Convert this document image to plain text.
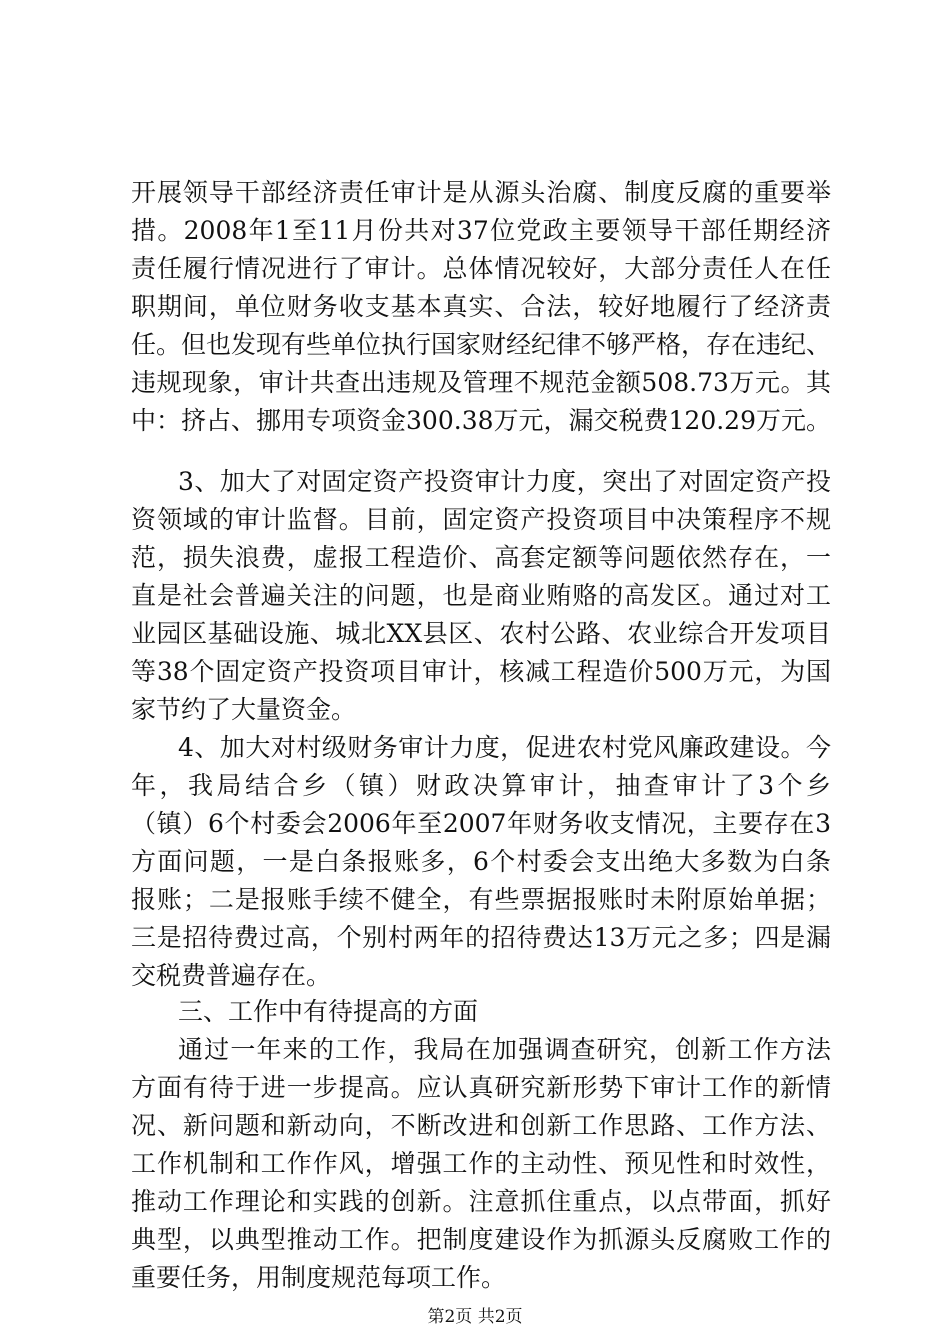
开展领导干部经济责任审计是从源头治腐、制度反腐的重要举
措。2008年1至11月份共对37位党政主要领导干部任期经济
责任履行情况进行了审计。总体情况较好，大部分责任人在任
职期间，单位财务收支基本真实、合法，较好地履行了经济责
任。但也发现有些单位执行国家财经纪律不够严格，存在违纪、
违规现象，审计共查出违规及管理不规范金额508.73万元。其
中：挤占、挪用专项资金300.38万元，漏交税费120.29万元。
3、加大了对固定资产投资审计力度，突出了对固定资产投
资领域的审计监督。目前，固定资产投资项目中决策程序不规
范，损失浪费，虚报工程造价、高套定额等问题依然存在，一
直是社会普遍关注的问题，也是商业贿赂的高发区。通过对工
业园区基础设施、城北XX县区、农村公路、农业综合开发项目
等38个固定资产投资项目审计，核减工程造价500万元，为国
家节约了大量资金。
4、加大对村级财务审计力度，促进农村党风廉政建设。今
年，我局结合乡（镇）财政决算审计，抽查审计了3个乡
（镇）6个村委会2006年至2007年财务收支情况，主要存在3
方面问题，一是白条报账多，6个村委会支出绝大多数为白条
报账；二是报账手续不健全，有些票据报账时未附原始单据；
三是招待费过高，个别村两年的招待费达13万元之多；四是漏
交税费普遍存在。
三、工作中有待提高的方面
通过一年来的工作，我局在加强调查研究，创新工作方法
方面有待于进一步提高。应认真研究新形势下审计工作的新情
况、新问题和新动向，不断改进和创新工作思路、工作方法、
工作机制和工作作风，增强工作的主动性、预见性和时效性，
推动工作理论和实践的创新。注意抓住重点，以点带面，抓好
典型，以典型推动工作。把制度建设作为抓源头反腐败工作的
重要任务，用制度规范每项工作。
第2页 共2页
